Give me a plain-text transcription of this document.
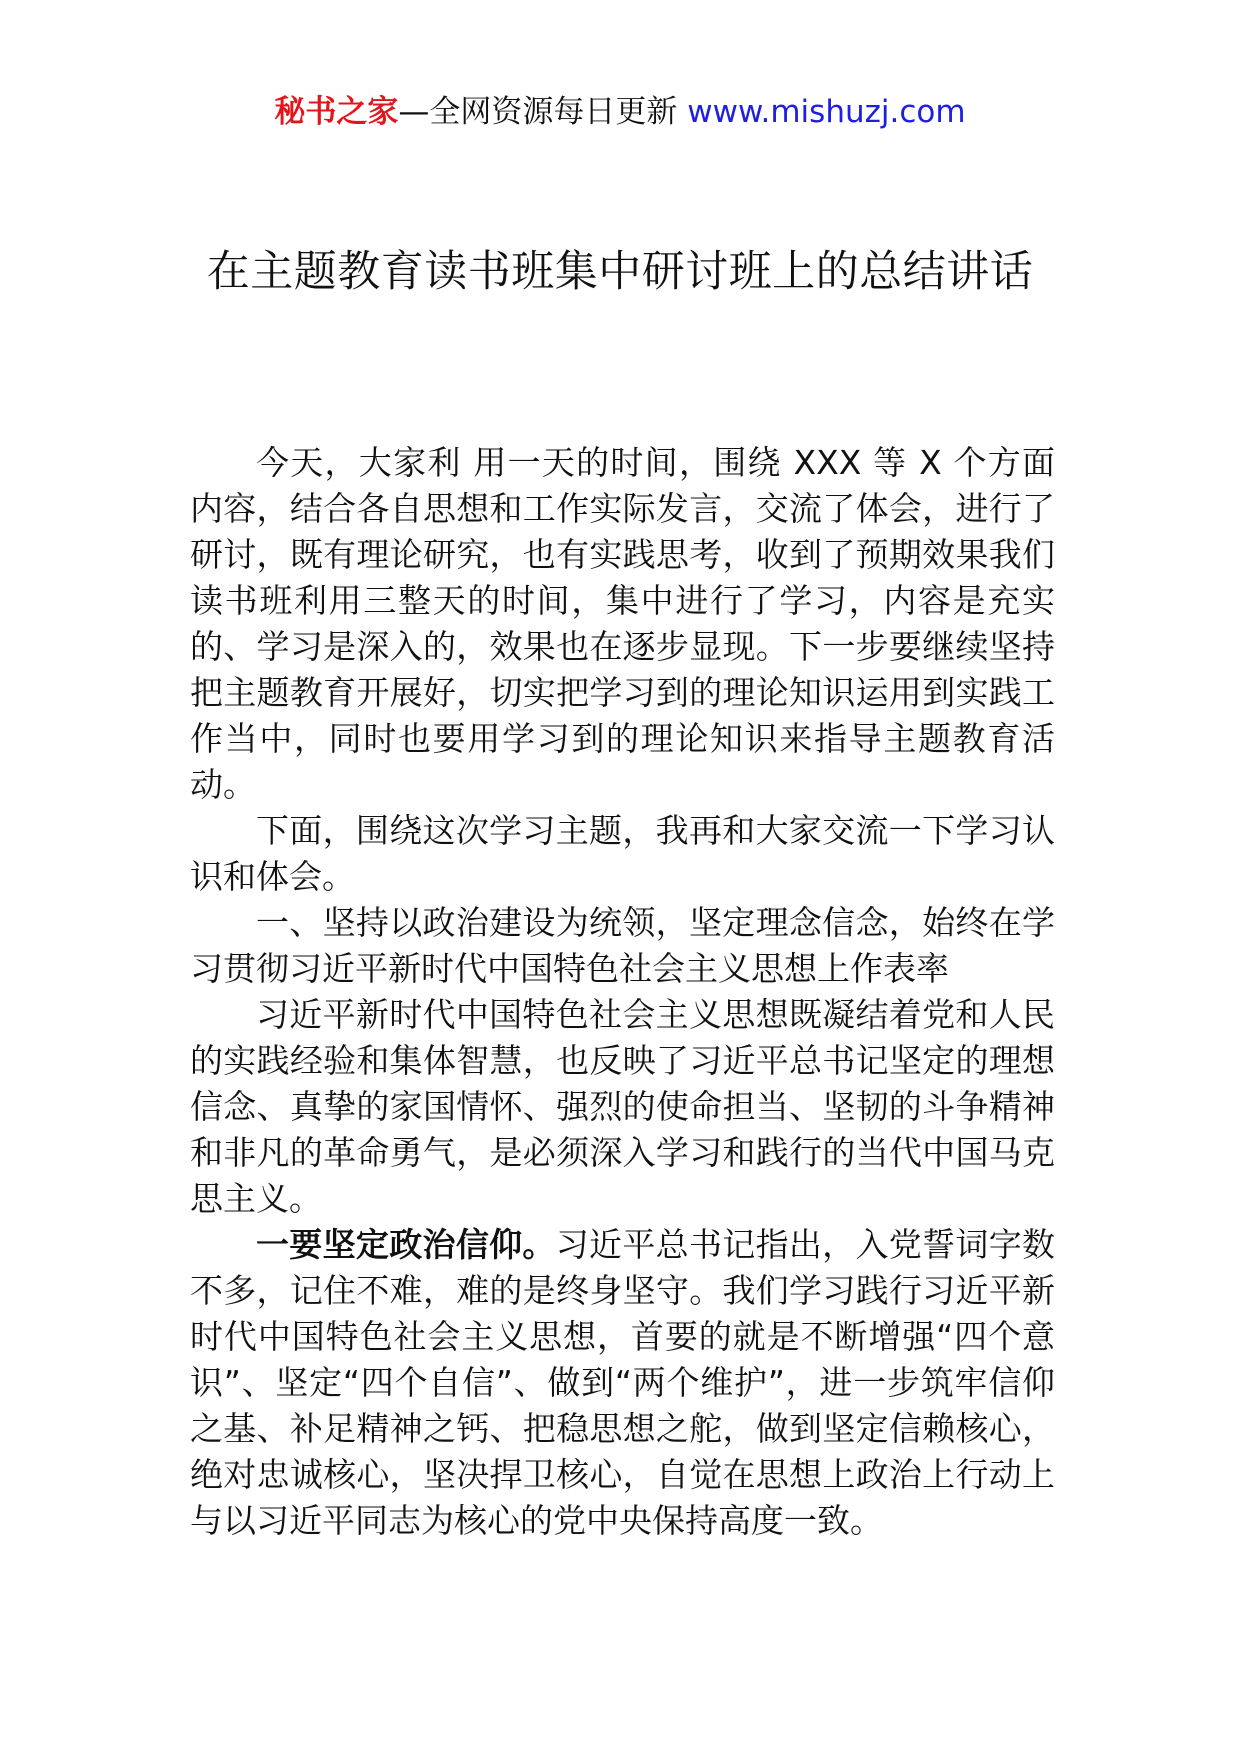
秘书之家—全网资源每日更新 www.mishuzj.com
在主题教育读书班集中研讨班上的总结讲话

今天，大家利 用一天的时间，围绕 XXX 等 X 个方面内容，结合各自思想和工作实际发言，交流了体会，进行了研讨，既有理论研究，也有实践思考，收到了预期效果我们读书班利用三整天的时间，集中进行了学习，内容是充实的、学习是深入的，效果也在逐步显现。下一步要继续坚持把主题教育开展好，切实把学习到的理论知识运用到实践工作当中，同时也要用学习到的理论知识来指导主题教育活动。

下面，围绕这次学习主题，我再和大家交流一下学习认识和体会。

一、坚持以政治建设为统领，坚定理念信念，始终在学习贯彻习近平新时代中国特色社会主义思想上作表率

习近平新时代中国特色社会主义思想既凝结着党和人民的实践经验和集体智慧，也反映了习近平总书记坚定的理想信念、真挚的家国情怀、强烈的使命担当、坚韧的斗争精神和非凡的革命勇气，是必须深入学习和践行的当代中国马克思主义。

一要坚定政治信仰。习近平总书记指出，入党誓词字数不多，记住不难，难的是终身坚守。我们学习践行习近平新时代中国特色社会主义思想，首要的就是不断增强“四个意识”、坚定“四个自信”、做到“两个维护”，进一步筑牢信仰之基、补足精神之钙、把稳思想之舵，做到坚定信赖核心，绝对忠诚核心，坚决捍卫核心，自觉在思想上政治上行动上与以习近平同志为核心的党中央保持高度一致。
